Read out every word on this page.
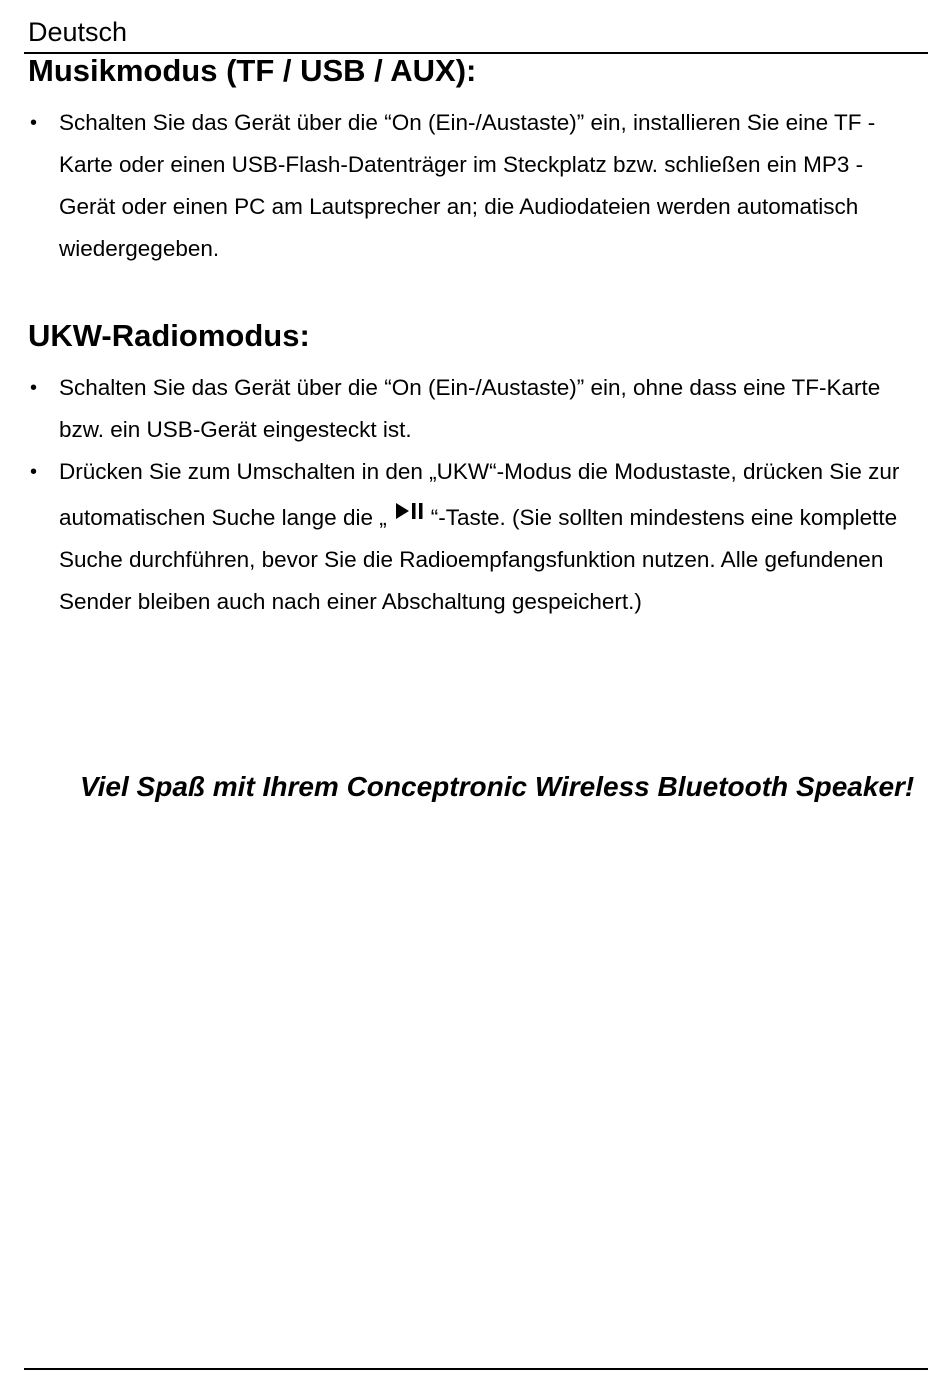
Deutsch
Musikmodus (TF / USB / AUX):
• Schalten Sie das Gerät über die “On (Ein-/Austaste)” ein, installieren Sie eine TF -Karte oder einen USB-Flash-Datenträger im Steckplatz bzw. schließen ein MP3 -Gerät oder einen PC am Lautsprecher an; die Audiodateien werden automatisch wiedergegeben.
UKW-Radiomodus:
• Schalten Sie das Gerät über die “On (Ein-/Austaste)” ein, ohne dass eine TF-Karte bzw. ein USB-Gerät eingesteckt ist.
• Drücken Sie zum Umschalten in den „UKW“-Modus die Modustaste, drücken Sie zur automatischen Suche lange die „ “-Taste. (Sie sollten mindestens eine komplette Suche durchführen, bevor Sie die Radioempfangsfunktion nutzen. Alle gefundenen Sender bleiben auch nach einer Abschaltung gespeichert.)
Viel Spaß mit Ihrem Conceptronic Wireless Bluetooth Speaker!
